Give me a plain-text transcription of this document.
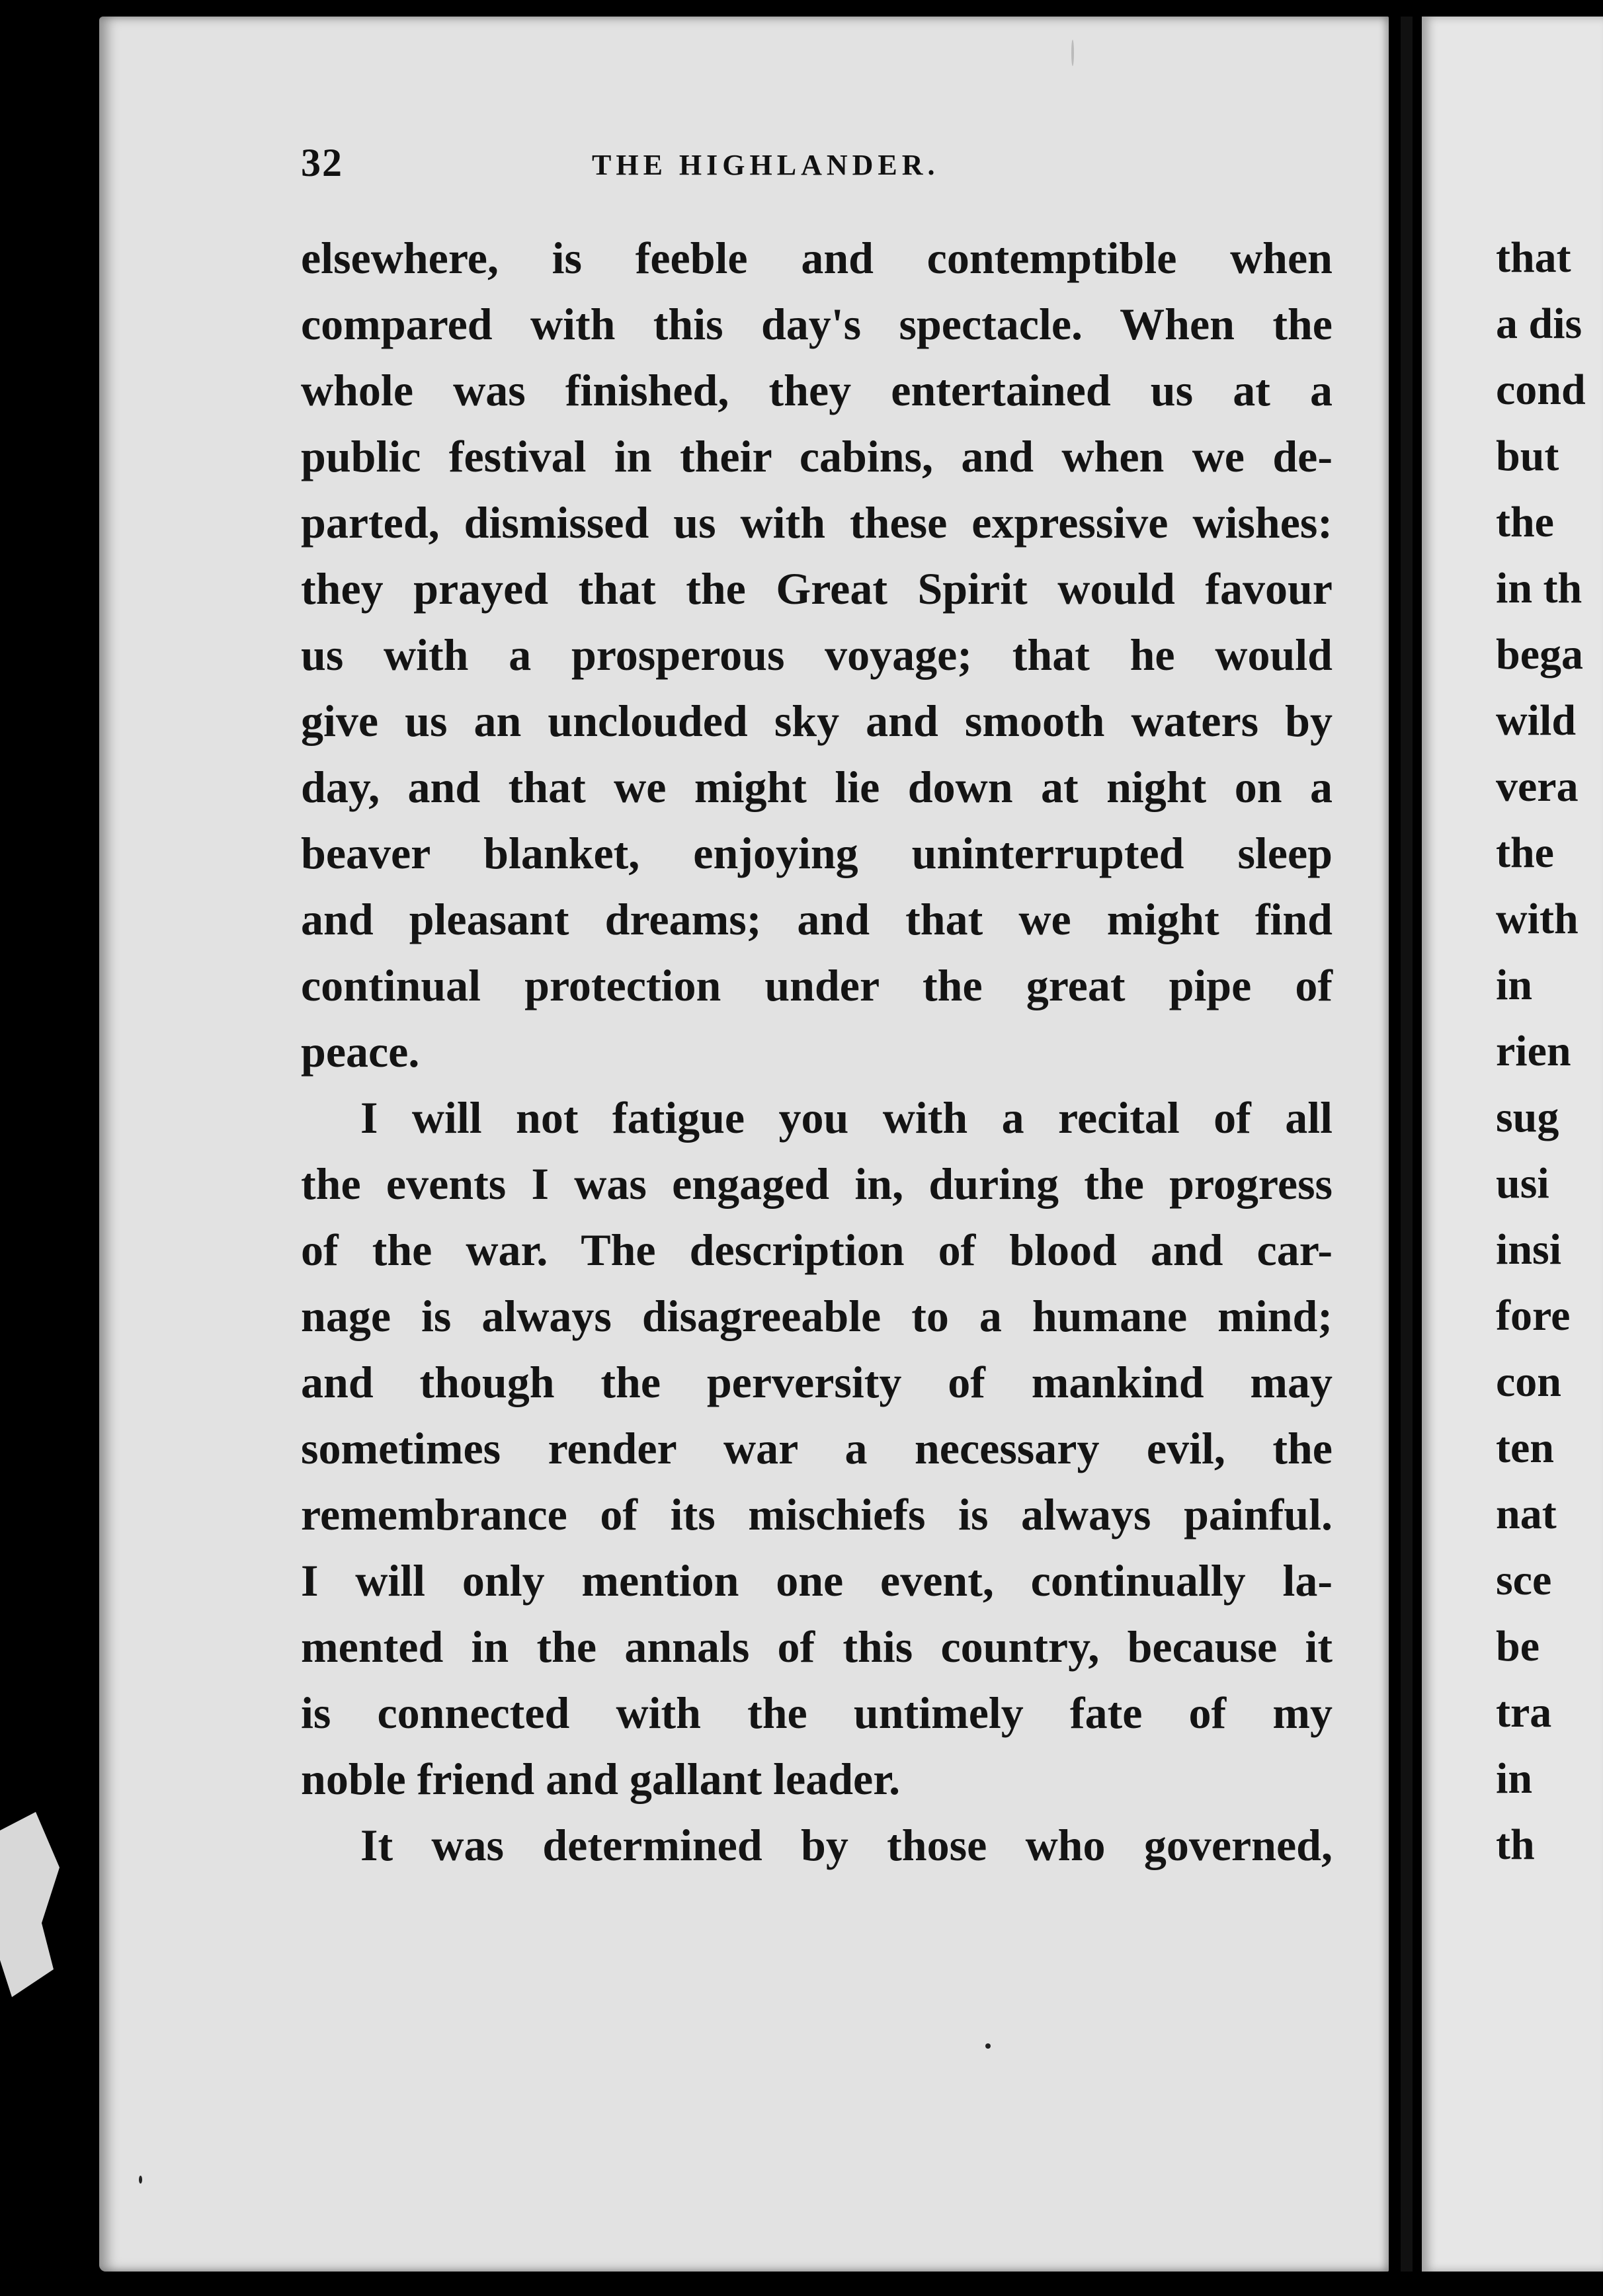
32	THE HIGHLANDER.
elsewhere, is feeble and contemptible when
compared with this day's spectacle. When the
whole was finished, they entertained us at a
public festival in their cabins, and when we de-
parted, dismissed us with these expressive wishes:
they prayed that the Great Spirit would favour
us with a prosperous voyage; that he would
give us an unclouded sky and smooth waters by
day, and that we might lie down at night on a
beaver blanket, enjoying uninterrupted sleep
and pleasant dreams; and that we might find
continual protection under the great pipe of
peace.
I will not fatigue you with a recital of all
the events I was engaged in, during the progress
of the war. The description of blood and car-
nage is always disagreeable to a humane mind;
and though the perversity of mankind may
sometimes render war a necessary evil, the
remembrance of its mischiefs is always painful.
I will only mention one event, continually la-
mented in the annals of this country, because it
is connected with the untimely fate of my
noble friend and gallant leader.
It was determined by those who governed,
that
a dis
cond
but
the
in th
bega
wild
vera
the
with
in
rien
sug
usi
insi
fore
con
ten
nat
sce
be
tra
in
th
